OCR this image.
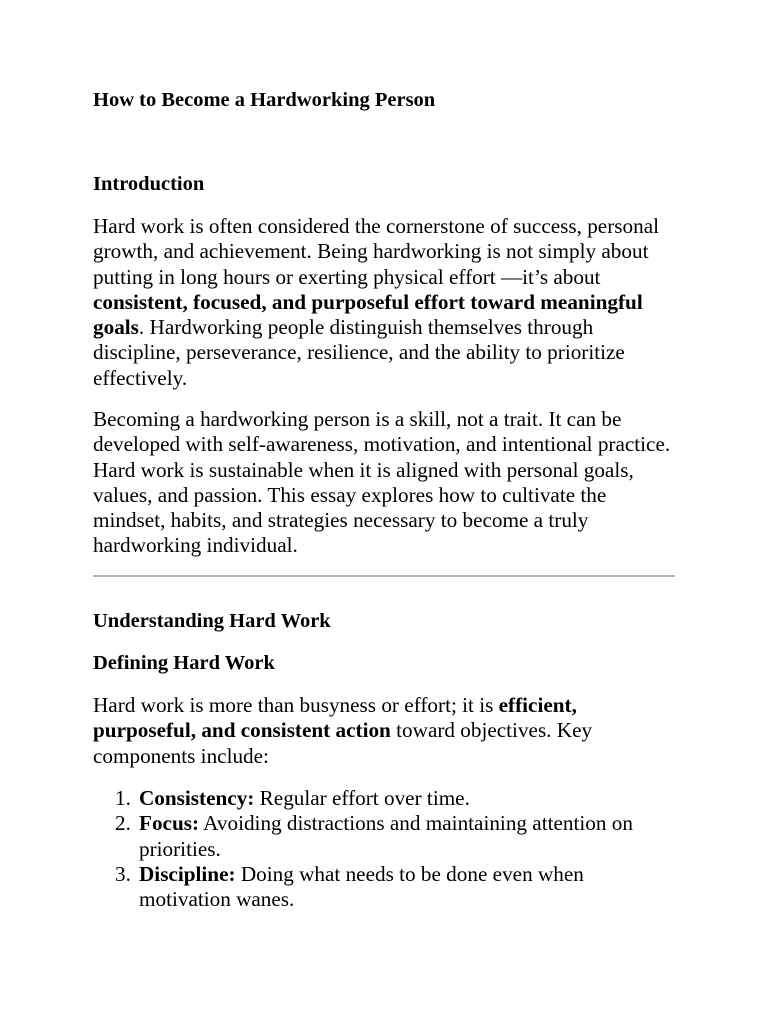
How to Become a Hardworking Person
Introduction

Hard work is often considered the cornerstone of success, personal growth, and achievement. Being hardworking is not simply about putting in long hours or exerting physical effort —it’s about consistent, focused, and purposeful effort toward meaningful goals. Hardworking people distinguish themselves through discipline, perseverance, resilience, and the ability to prioritize effectively.

Becoming a hardworking person is a skill, not a trait. It can be developed with self-awareness, motivation, and intentional practice. Hard work is sustainable when it is aligned with personal goals, values, and passion. This essay explores how to cultivate the mindset, habits, and strategies necessary to become a truly hardworking individual.

Understanding Hard Work
Defining Hard Work

Hard work is more than busyness or effort; it is efficient, purposeful, and consistent action toward objectives. Key components include:

1. Consistency: Regular effort over time.
2. Focus: Avoiding distractions and maintaining attention on priorities.
3. Discipline: Doing what needs to be done even when motivation wanes.
